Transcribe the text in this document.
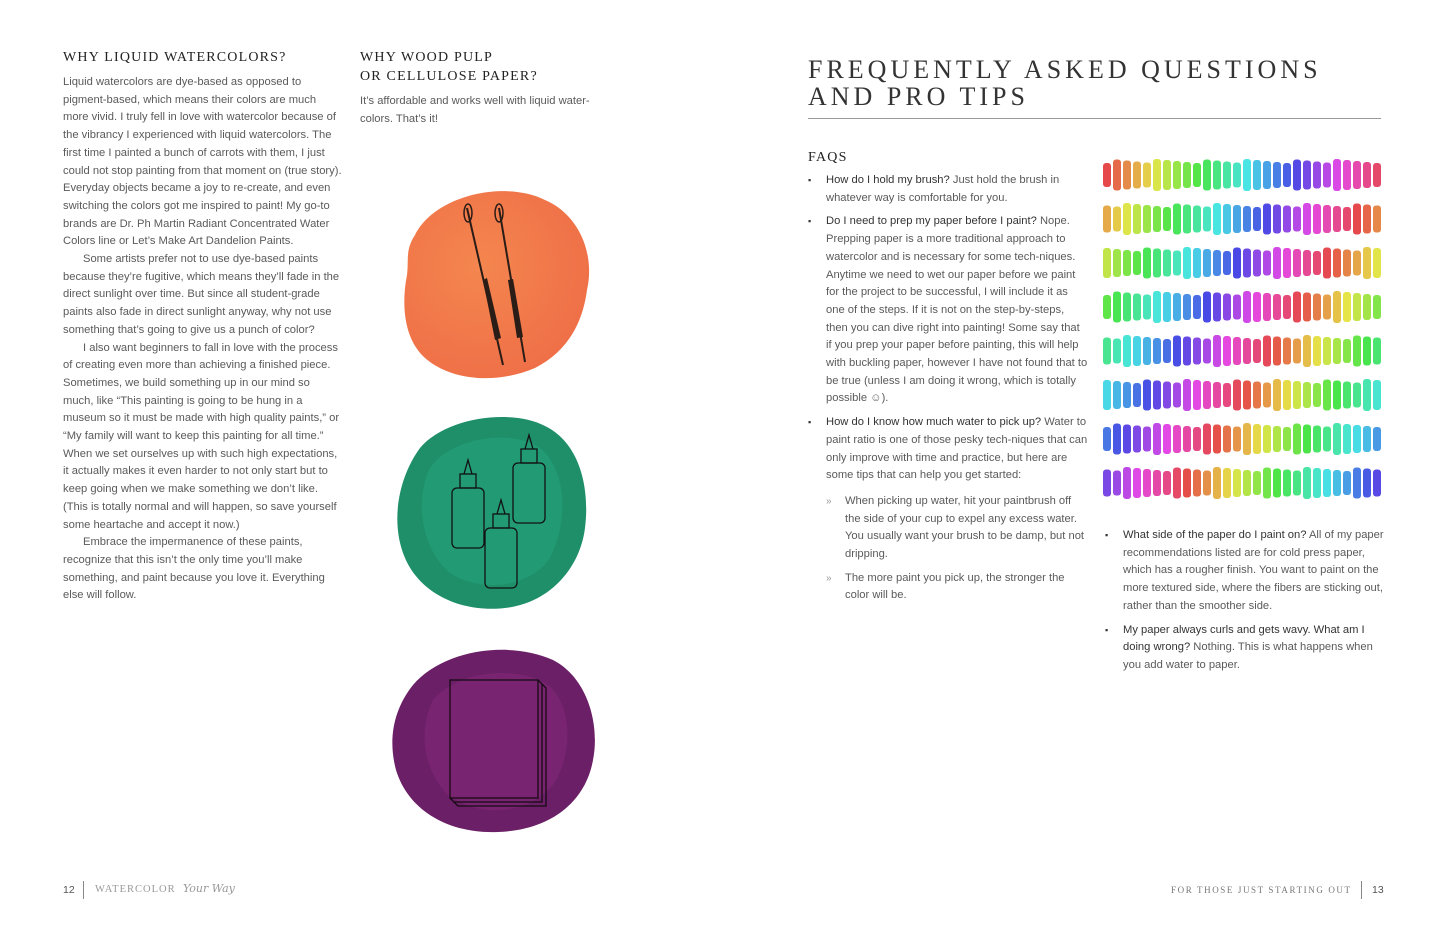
WHY LIQUID WATERCOLORS?

Liquid watercolors are dye-based as opposed to pigment-based, which means their colors are much more vivid. I truly fell in love with watercolor because of the vibrancy I experienced with liquid watercolors. The first time I painted a bunch of carrots with them, I just could not stop painting from that moment on (true story). Everyday objects became a joy to re-create, and even switching the colors got me inspired to paint! My go-to brands are Dr. Ph Martin Radiant Concentrated Water Colors line or Let’s Make Art Dandelion Paints.

Some artists prefer not to use dye-based paints because they’re fugitive, which means they’ll fade in the direct sunlight over time. But since all student-grade paints also fade in direct sunlight anyway, why not use something that’s going to give us a punch of color?

I also want beginners to fall in love with the process of creating even more than achieving a finished piece. Sometimes, we build something up in our mind so much, like “This painting is going to be hung in a museum so it must be made with high quality paints,” or “My family will want to keep this painting for all time.” When we set ourselves up with such high expectations, it actually makes it even harder to not only start but to keep going when we make something we don’t like. (This is totally normal and will happen, so save yourself some heartache and accept it now.)

Embrace the impermanence of these paints, recognize that this isn’t the only time you’ll make something, and paint because you love it. Everything else will follow.

WHY WOOD PULP
OR CELLULOSE PAPER?
It’s affordable and works well with liquid water-colors. That’s it!
12 WATERCOLOR Your Way
FREQUENTLY ASKED QUESTIONS
AND PRO TIPS
FAQS
▪ How do I hold my brush? Just hold the brush in whatever way is comfortable for you.
▪ Do I need to prep my paper before I paint? Nope. Prepping paper is a more traditional approach to watercolor and is necessary for some tech-niques. Anytime we need to wet our paper before we paint for the project to be successful, I will include it as one of the steps. If it is not on the step-by-steps, then you can dive right into painting! Some say that if you prep your paper before painting, this will help with buckling paper, however I have not found that to be true (unless I am doing it wrong, which is totally possible ☺).
▪ How do I know how much water to pick up? Water to paint ratio is one of those pesky tech-niques that can only improve with time and practice, but here are some tips that can help you get started:
» When picking up water, hit your paintbrush off the side of your cup to expel any excess water. You usually want your brush to be damp, but not dripping.
» The more paint you pick up, the stronger the color will be.
▪ What side of the paper do I paint on? All of my paper recommendations listed are for cold press paper, which has a rougher finish. You want to paint on the more textured side, where the fibers are sticking out, rather than the smoother side.
▪ My paper always curls and gets wavy. What am I doing wrong? Nothing. This is what happens when you add water to paper.
FOR THOSE JUST STARTING OUT 13
